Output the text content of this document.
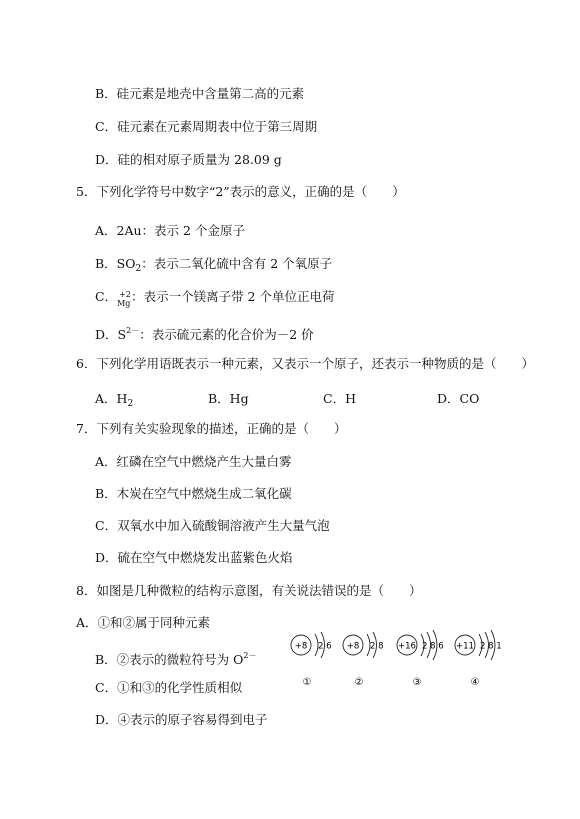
B．硅元素是地壳中含量第二高的元素
C．硅元素在元素周期表中位于第三周期
D．硅的相对原子质量为 28.09 g
5．下列化学符号中数字“2”表示的意义，正确的是（　　）
A．2Au：表示 2 个金原子
B．$SO_2$：表示二氧化硫中含有 2 个氧原子
C． +2
Mg ：表示一个镁离子带 2 个单位正电荷
D．$S^{2-}$：表示硫元素的化合价为－2 价
6．下列化学用语既表示一种元素，又表示一个原子，还表示一种物质的是（　　）
A．$H_2$	B．Hg	C．H	D．CO
7．下列有关实验现象的描述，正确的是（　　）
A．红磷在空气中燃烧产生大量白雾
B．木炭在空气中燃烧生成二氧化碳
C．双氧水中加入硫酸铜溶液产生大量气泡
D．硫在空气中燃烧发出蓝紫色火焰
8．如图是几种微粒的结构示意图，有关说法错误的是（　　）
A．①和②属于同种元素
B．②表示的微粒符号为 $O^{2-}$
C．①和③的化学性质相似
D．④表示的原子容易得到电子
+8 2 6
①
+8 2 8
②
+16 2 8 6
③
+11 2 8 1
④
